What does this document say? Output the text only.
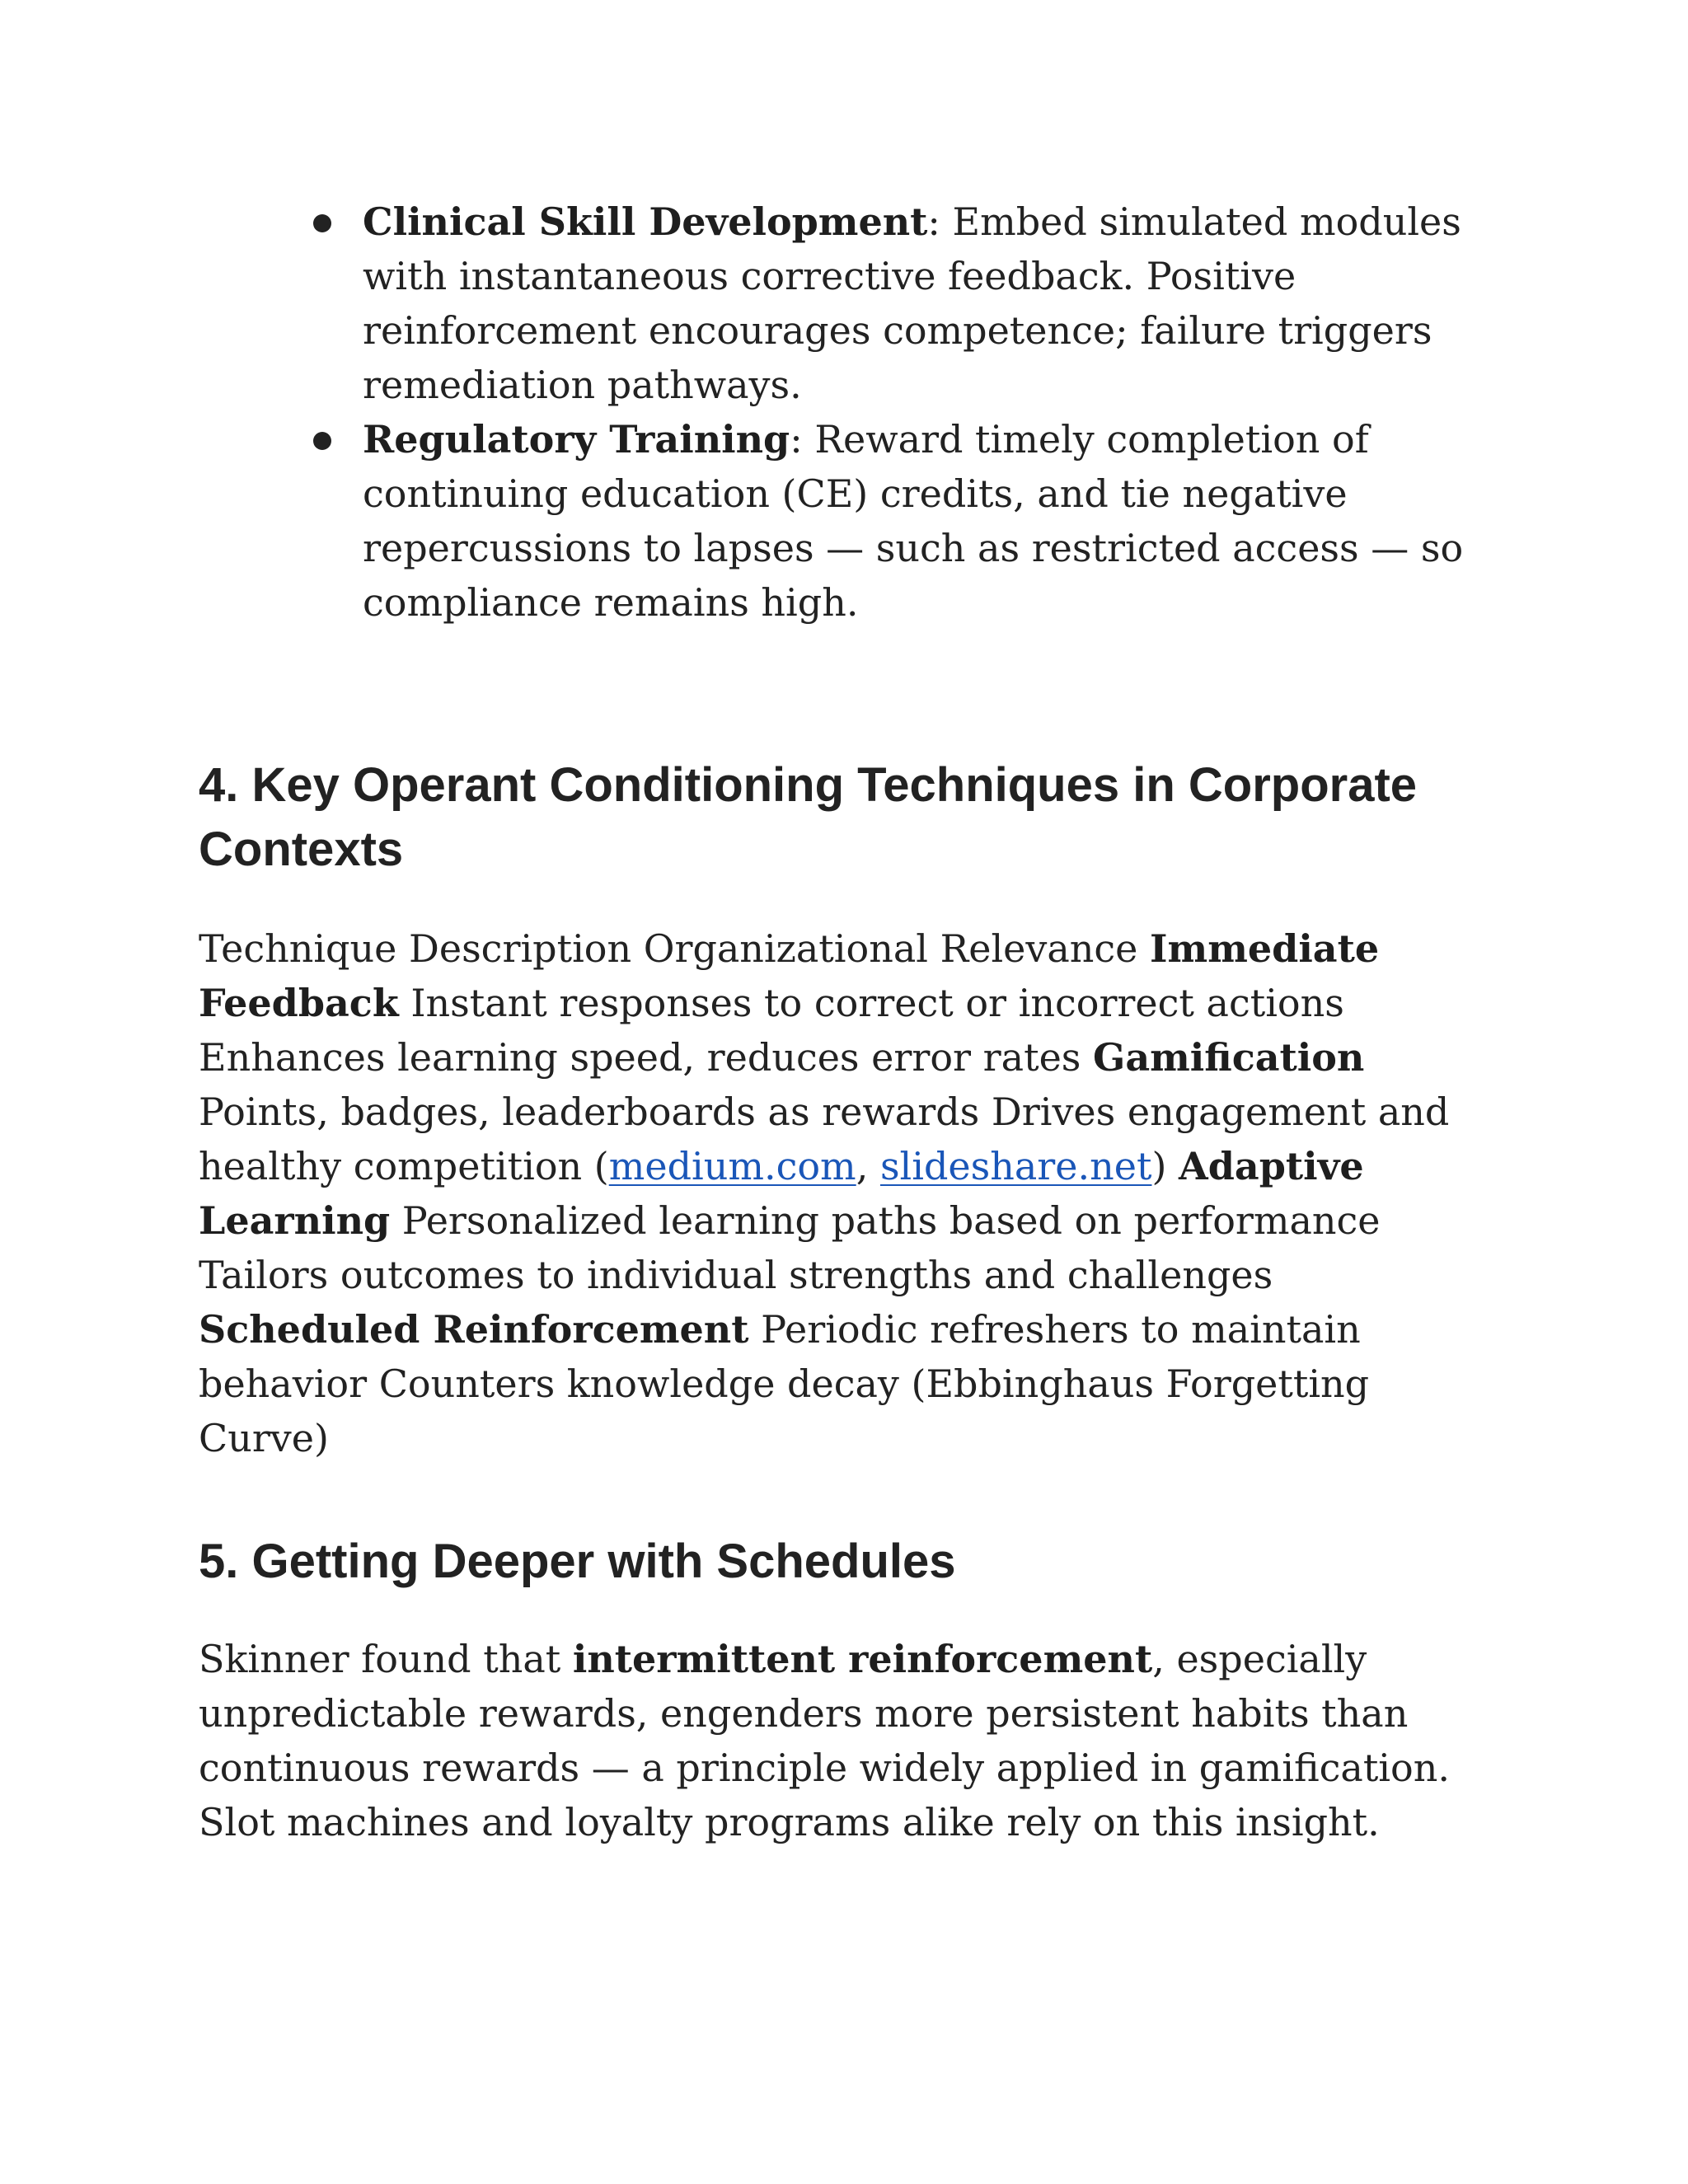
Clinical Skill Development: Embed simulated modules with instantaneous corrective feedback. Positive reinforcement encourages competence; failure triggers remediation pathways.
Regulatory Training: Reward timely completion of continuing education (CE) credits, and tie negative repercussions to lapses — such as restricted access — so compliance remains high.
4. Key Operant Conditioning Techniques in Corporate Contexts

Technique Description Organizational Relevance Immediate Feedback Instant responses to correct or incorrect actions Enhances learning speed, reduces error rates Gamification Points, badges, leaderboards as rewards Drives engagement and healthy competition (medium.com, slideshare.net) Adaptive Learning Personalized learning paths based on performance Tailors outcomes to individual strengths and challenges Scheduled Reinforcement Periodic refreshers to maintain behavior Counters knowledge decay (Ebbinghaus Forgetting Curve)

5. Getting Deeper with Schedules

Skinner found that intermittent reinforcement, especially unpredictable rewards, engenders more persistent habits than continuous rewards — a principle widely applied in gamification. Slot machines and loyalty programs alike rely on this insight.
